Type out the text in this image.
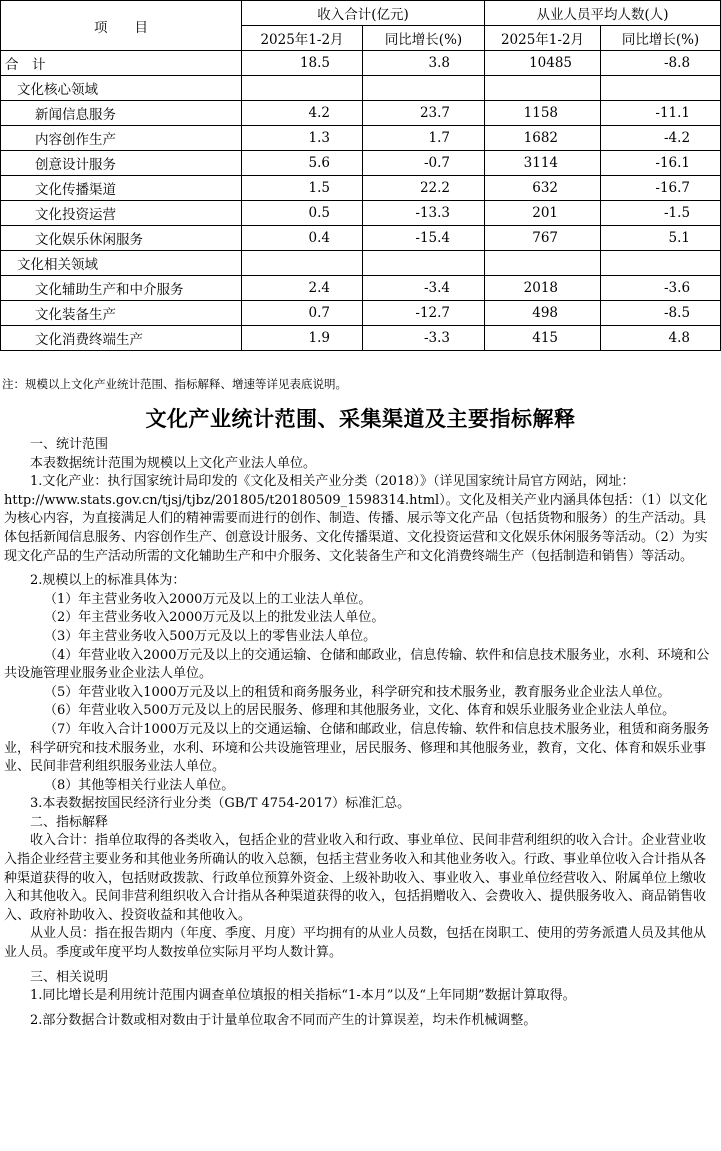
项　　目	收入合计(亿元)		从业人员平均人数(人)	
	2025年1-2月	同比增长(%)	2025年1-2月	同比增长(%)
合　计	18.5	3.8	10485	-8.8
文化核心领域				
新闻信息服务	4.2	23.7	1158	-11.1
内容创作生产	1.3	1.7	1682	-4.2
创意设计服务	5.6	-0.7	3114	-16.1
文化传播渠道	1.5	22.2	632	-16.7
文化投资运营	0.5	-13.3	201	-1.5
文化娱乐休闲服务	0.4	-15.4	767	5.1
文化相关领域				
文化辅助生产和中介服务	2.4	-3.4	2018	-3.6
文化装备生产	0.7	-12.7	498	-8.5
文化消费终端生产	1.9	-3.3	415	4.8
注：规模以上文化产业统计范围、指标解释、增速等详见表底说明。
文化产业统计范围、采集渠道及主要指标解释

一、统计范围

本表数据统计范围为规模以上文化产业法人单位。

1.文化产业：执行国家统计局印发的《文化及相关产业分类（2018）》（详见国家统计局官方网站，网址：http://www.stats.gov.cn/tjsj/tjbz/201805/t20180509_1598314.html）。文化及相关产业内涵具体包括：（1）以文化为核心内容，为直接满足人们的精神需要而进行的创作、制造、传播、展示等文化产品（包括货物和服务）的生产活动。具体包括新闻信息服务、内容创作生产、创意设计服务、文化传播渠道、文化投资运营和文化娱乐休闲服务等活动。（2）为实现文化产品的生产活动所需的文化辅助生产和中介服务、文化装备生产和文化消费终端生产（包括制造和销售）等活动。

2.规模以上的标准具体为：

（1）年主营业务收入2000万元及以上的工业法人单位。

（2）年主营业务收入2000万元及以上的批发业法人单位。

（3）年主营业务收入500万元及以上的零售业法人单位。

（4）年营业收入2000万元及以上的交通运输、仓储和邮政业，信息传输、软件和信息技术服务业，水利、环境和公共设施管理业服务业企业法人单位。

（5）年营业收入1000万元及以上的租赁和商务服务业，科学研究和技术服务业，教育服务业企业法人单位。

（6）年营业收入500万元及以上的居民服务、修理和其他服务业，文化、体育和娱乐业服务业企业法人单位。

（7）年收入合计1000万元及以上的交通运输、仓储和邮政业，信息传输、软件和信息技术服务业，租赁和商务服务业，科学研究和技术服务业，水利、环境和公共设施管理业，居民服务、修理和其他服务业，教育，文化、体育和娱乐业事业、民间非营利组织服务业法人单位。

（8）其他等相关行业法人单位。

3.本表数据按国民经济行业分类（GB/T 4754-2017）标准汇总。

二、指标解释

收入合计：指单位取得的各类收入，包括企业的营业收入和行政、事业单位、民间非营利组织的收入合计。企业营业收入指企业经营主要业务和其他业务所确认的收入总额，包括主营业务收入和其他业务收入。行政、事业单位收入合计指从各种渠道获得的收入，包括财政拨款、行政单位预算外资金、上级补助收入、事业收入、事业单位经营收入、附属单位上缴收入和其他收入。民间非营利组织收入合计指从各种渠道获得的收入，包括捐赠收入、会费收入、提供服务收入、商品销售收入、政府补助收入、投资收益和其他收入。

从业人员：指在报告期内（年度、季度、月度）平均拥有的从业人员数，包括在岗职工、使用的劳务派遣人员及其他从业人员。季度或年度平均人数按单位实际月平均人数计算。

三、相关说明

1.同比增长是利用统计范围内调查单位填报的相关指标“1-本月”以及“上年同期”数据计算取得。

2.部分数据合计数或相对数由于计量单位取舍不同而产生的计算误差，均未作机械调整。
